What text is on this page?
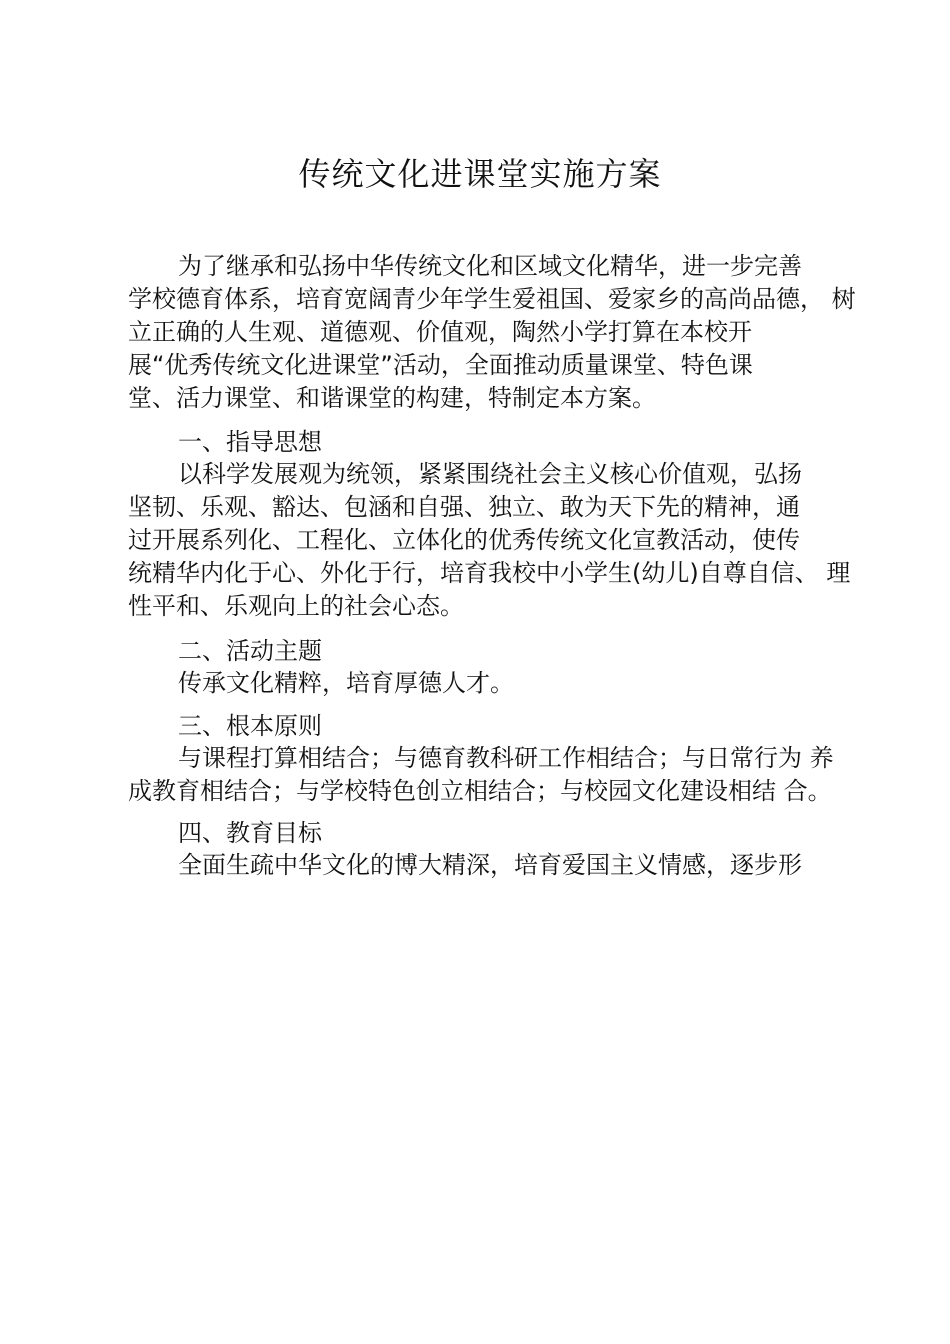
传统文化进课堂实施方案
为了继承和弘扬中华传统文化和区域文化精华，进一步完善
学校德育体系，培育宽阔青少年学生爱祖国、爱家乡的高尚品德， 树
立正确的人生观、道德观、价值观，陶然小学打算在本校开
展“优秀传统文化进课堂”活动，全面推动质量课堂、特色课
堂、活力课堂、和谐课堂的构建，特制定本方案。
一、指导思想
以科学发展观为统领，紧紧围绕社会主义核心价值观，弘扬
坚韧、乐观、豁达、包涵和自强、独立、敢为天下先的精神，通
过开展系列化、工程化、立体化的优秀传统文化宣教活动，使传
统精华内化于心、外化于行，培育我校中小学生(幼儿)自尊自信、 理
性平和、乐观向上的社会心态。
二、活动主题
传承文化精粹，培育厚德人才。
三、根本原则
与课程打算相结合；与德育教科研工作相结合；与日常行为 养
成教育相结合；与学校特色创立相结合；与校园文化建设相结 合。
四、教育目标
全面生疏中华文化的博大精深，培育爱国主义情感，逐步形
